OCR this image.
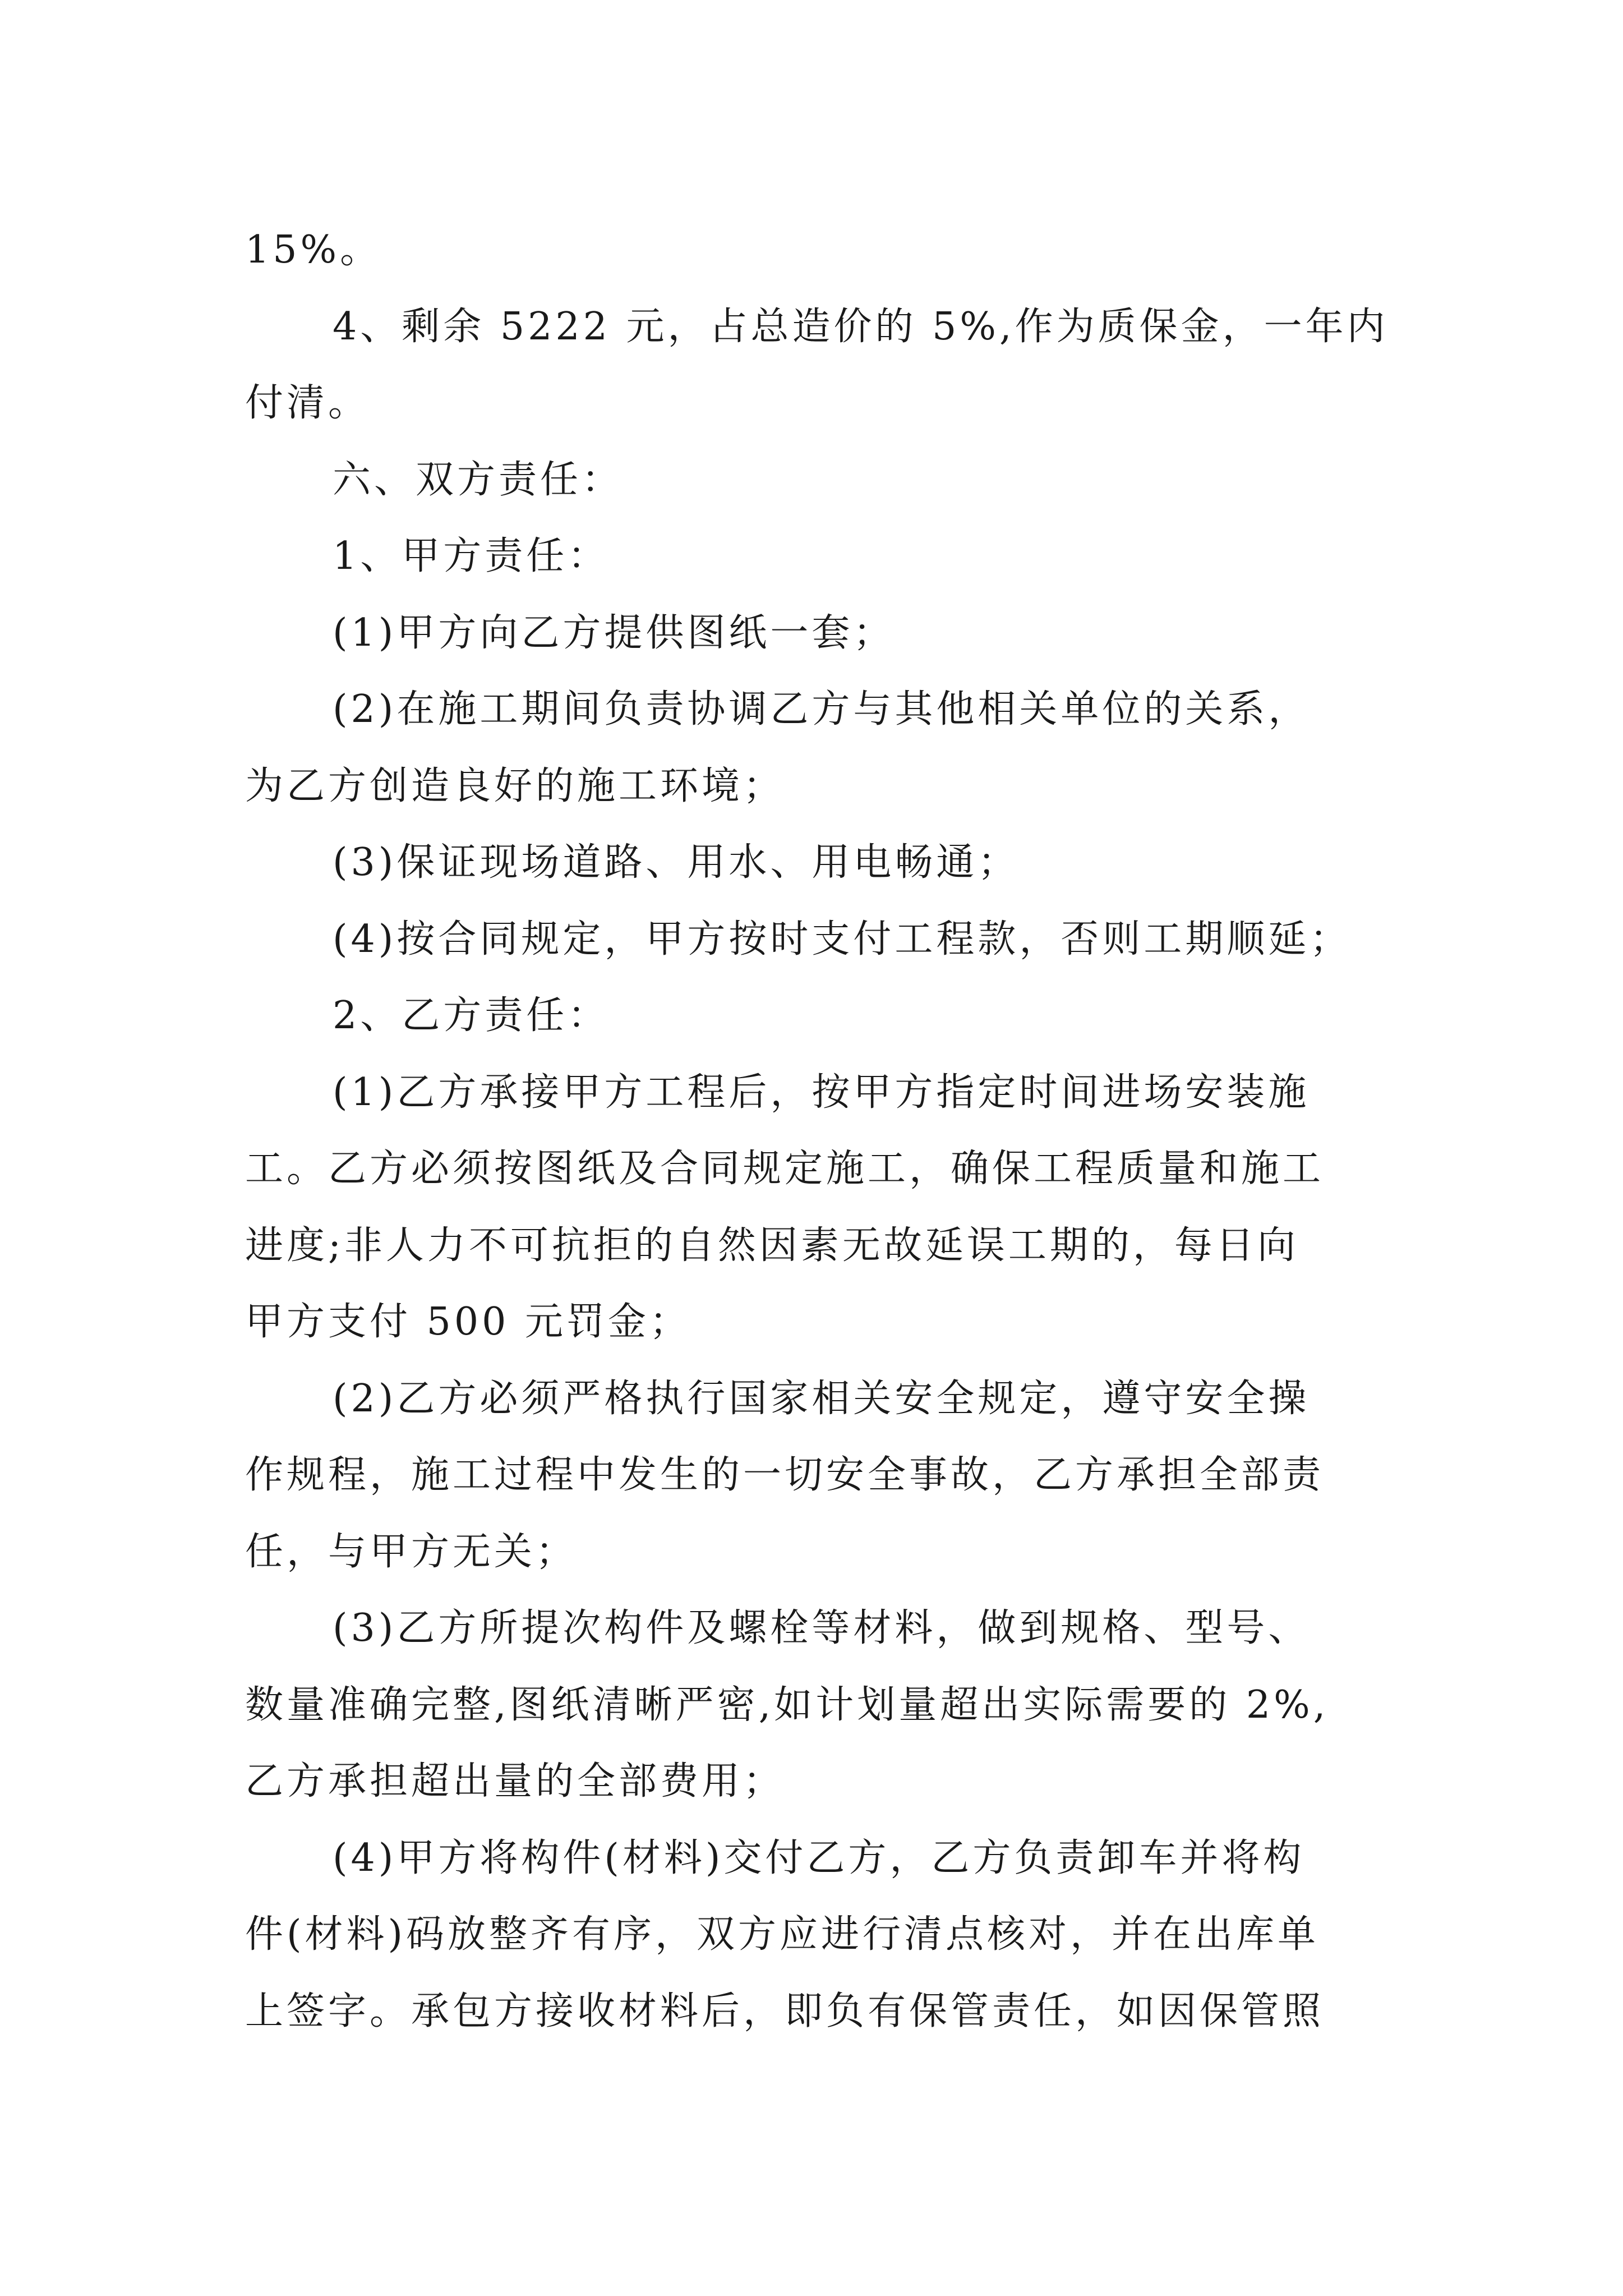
15%。
4、剩余 5222 元，占总造价的 5%,作为质保金，一年内
付清。
六、双方责任：
1、甲方责任：
(1)甲方向乙方提供图纸一套；
(2)在施工期间负责协调乙方与其他相关单位的关系，
为乙方创造良好的施工环境；
(3)保证现场道路、用水、用电畅通；
(4)按合同规定，甲方按时支付工程款，否则工期顺延；
2、乙方责任：
(1)乙方承接甲方工程后，按甲方指定时间进场安装施
工。乙方必须按图纸及合同规定施工，确保工程质量和施工
进度;非人力不可抗拒的自然因素无故延误工期的，每日向
甲方支付 500 元罚金；
(2)乙方必须严格执行国家相关安全规定，遵守安全操
作规程，施工过程中发生的一切安全事故，乙方承担全部责
任，与甲方无关；
(3)乙方所提次构件及螺栓等材料，做到规格、型号、
数量准确完整,图纸清晰严密,如计划量超出实际需要的 2%,
乙方承担超出量的全部费用；
(4)甲方将构件(材料)交付乙方，乙方负责卸车并将构
件(材料)码放整齐有序，双方应进行清点核对，并在出库单
上签字。承包方接收材料后，即负有保管责任，如因保管照
